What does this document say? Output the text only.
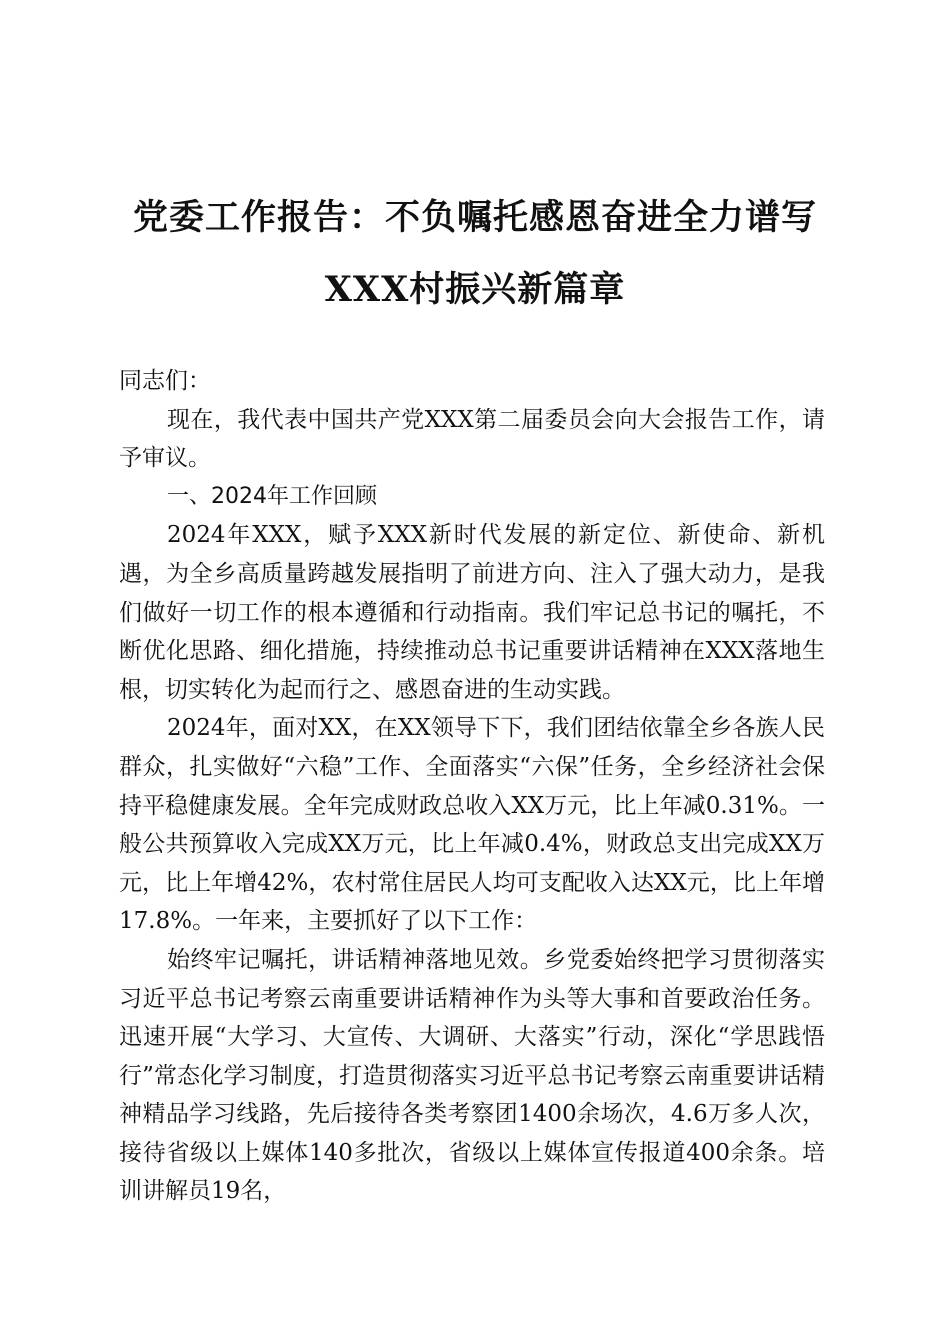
党委工作报告：不负嘱托感恩奋进全力谱写
XXX村振兴新篇章

同志们：

现在，我代表中国共产党XXX第二届委员会向大会报告工作，请予审议。

一、2024年工作回顾

2024年XXX，赋予XXX新时代发展的新定位、新使命、新机遇，为全乡高质量跨越发展指明了前进方向、注入了强大动力，是我们做好一切工作的根本遵循和行动指南。我们牢记总书记的嘱托，不断优化思路、细化措施，持续推动总书记重要讲话精神在XXX落地生根，切实转化为起而行之、感恩奋进的生动实践。

2024年，面对XX，在XX领导下下，我们团结依靠全乡各族人民群众，扎实做好“六稳”工作、全面落实“六保”任务，全乡经济社会保持平稳健康发展。全年完成财政总收入XX万元，比上年减0.31%。一般公共预算收入完成XX万元，比上年减0.4%，财政总支出完成XX万元，比上年增42%，农村常住居民人均可支配收入达XX元，比上年增17.8%。一年来，主要抓好了以下工作：

始终牢记嘱托，讲话精神落地见效。乡党委始终把学习贯彻落实习近平总书记考察云南重要讲话精神作为头等大事和首要政治任务。迅速开展“大学习、大宣传、大调研、大落实”行动，深化“学思践悟行”常态化学习制度，打造贯彻落实习近平总书记考察云南重要讲话精神精品学习线路，先后接待各类考察团1400余场次，4.6万多人次，接待省级以上媒体140多批次，省级以上媒体宣传报道400余条。培训讲解员19名，
